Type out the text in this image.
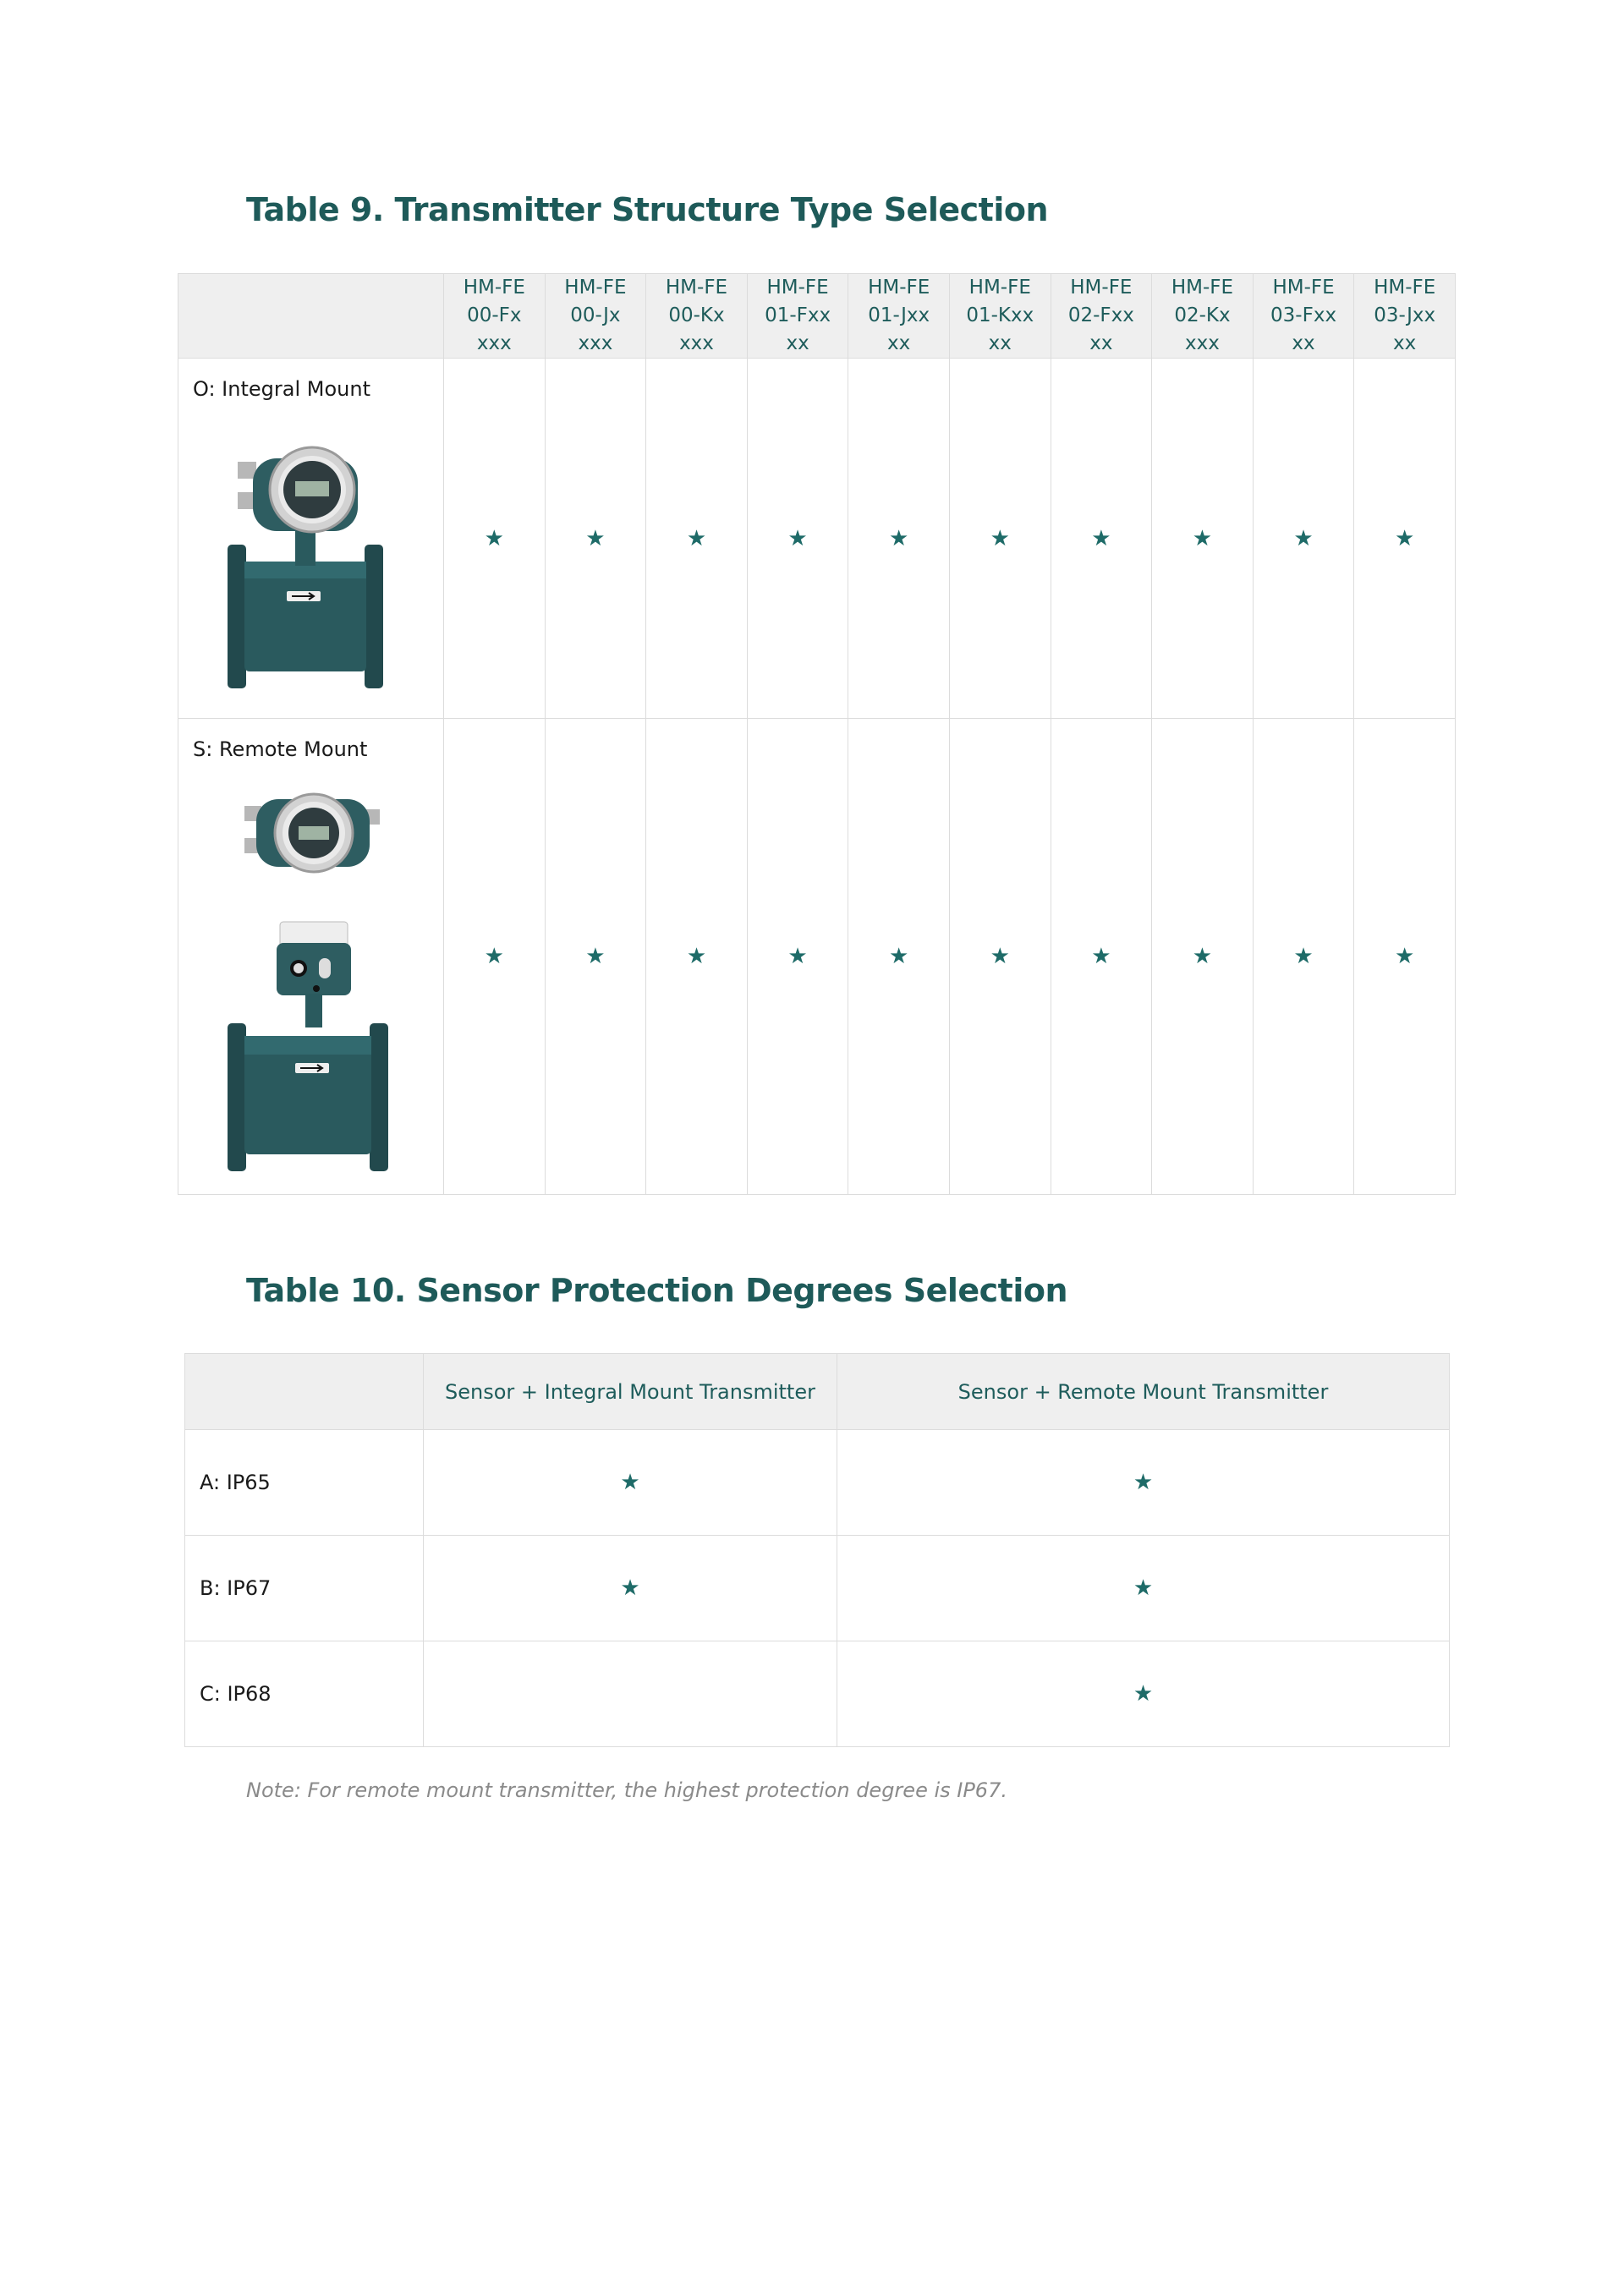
Table 9. Transmitter Structure Type Selection

	HM-FE
00-Fx
xxx	HM-FE
00-Jx
xxx	HM-FE
00-Kx
xxx	HM-FE
01-Fxx
xx	HM-FE
01-Jxx
xx	HM-FE
01-Kxx
xx	HM-FE
02-Fxx
xx	HM-FE
02-Kx
xxx	HM-FE
03-Fxx
xx	HM-FE
03-Jxx
xx

O: Integral Mount	★	★	★	★	★	★	★	★	★	★

S: Remote Mount	★	★	★	★	★	★	★	★	★	★
Table 10. Sensor Protection Degrees Selection
	Sensor + Integral Mount Transmitter	Sensor + Remote Mount Transmitter
A: IP65	★	★
B: IP67	★	★
C: IP68		★
Note: For remote mount transmitter, the highest protection degree is IP67.
